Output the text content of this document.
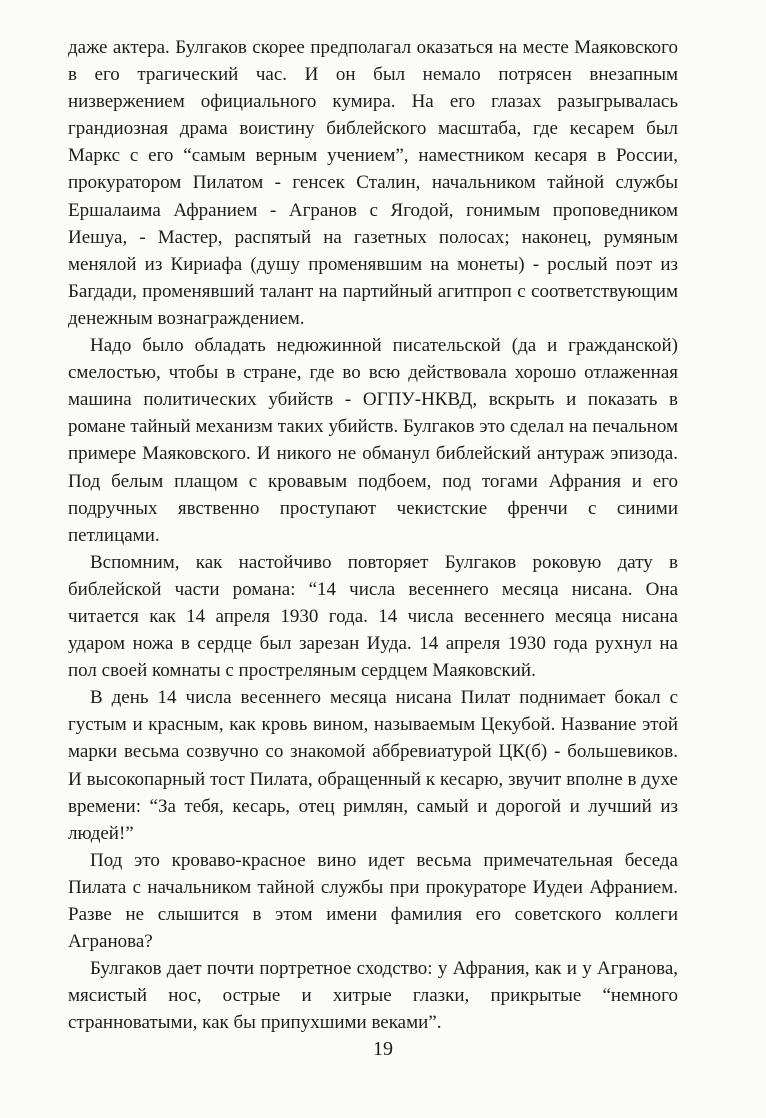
даже актера. Булгаков скорее предполагал оказаться на месте Маяковского в его трагический час. И он был немало потрясен внезапным низвержением официального кумира. На его глазах разыгрывалась грандиозная драма воистину библейского масштаба, где кесарем был Маркс с его “самым верным учением”, наместником кесаря в России, прокуратором Пилатом - генсек Сталин, начальником тайной службы Ершалаима Афранием - Агранов с Ягодой, гонимым проповедником Иешуа, - Мастер, распятый на газетных полосах; наконец, румяным менялой из Кириафа (душу променявшим на монеты) - рослый поэт из Багдади, променявший талант на партийный агитпроп с соответствующим денежным вознаграждением.

Надо было обладать недюжинной писательской (да и гражданской) смелостью, чтобы в стране, где во всю действовала хорошо отлаженная машина политических убийств - ОГПУ-НКВД, вскрыть и показать в романе тайный механизм таких убийств. Булгаков это сделал на печальном примере Маяковского. И никого не обманул библейский антураж эпизода. Под белым плащом с кровавым подбоем, под тогами Афрания и его подручных явственно проступают чекистские френчи с синими петлицами.

Вспомним, как настойчиво повторяет Булгаков роковую дату в библейской части романа: “14 числа весеннего месяца нисана. Она читается как 14 апреля 1930 года. 14 числа весеннего месяца нисана ударом ножа в сердце был зарезан Иуда. 14 апреля 1930 года рухнул на пол своей комнаты с простреляным сердцем Маяковский.

В день 14 числа весеннего месяца нисана Пилат поднимает бокал с густым и красным, как кровь вином, называемым Цекубой. Название этой марки весьма созвучно со знакомой аббревиатурой ЦК(б) - большевиков. И высокопарный тост Пилата, обращенный к кесарю, звучит вполне в духе времени: “За тебя, кесарь, отец римлян, самый и дорогой и лучший из людей!”

Под это кроваво-красное вино идет весьма примечательная беседа Пилата с начальником тайной службы при прокураторе Иудеи Афранием. Разве не слышится в этом имени фамилия его советского коллеги Агранова?

Булгаков дает почти портретное сходство: у Афрания, как и у Агранова, мясистый нос, острые и хитрые глазки, прикрытые “немного странноватыми, как бы припухшими веками”.

19
